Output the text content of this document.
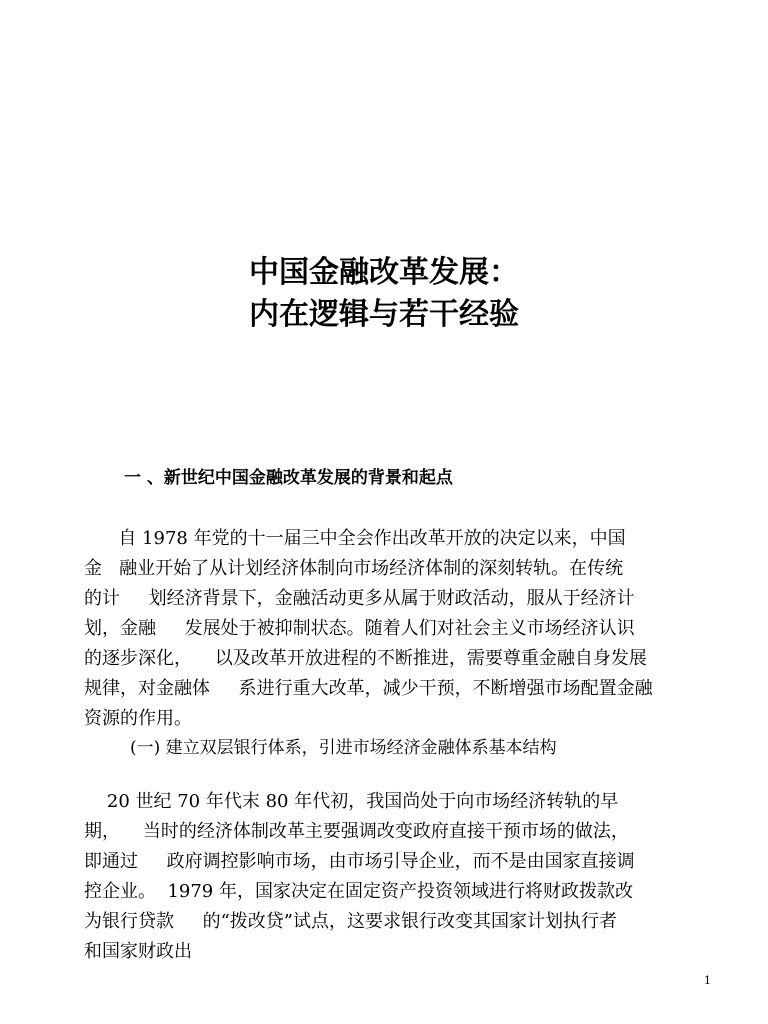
中国金融改革发展：
内在逻辑与若干经验
一 、新世纪中国金融改革发展的背景和起点
自 1978 年党的十一届三中全会作出改革开放的决定以来，中国
金   融业开始了从计划经济体制向市场经济体制的深刻转轨。在传统
的计     划经济背景下，金融活动更多从属于财政活动，服从于经济计
划，金融     发展处于被抑制状态。随着人们对社会主义市场经济认识
的逐步深化，    以及改革开放进程的不断推进，需要尊重金融自身发展
规律，对金融体     系进行重大改革，减少干预，不断增强市场配置金融
资源的作用。
(一) 建立双层银行体系，引进市场经济金融体系基本结构
20 世纪 70 年代末 80 年代初，我国尚处于向市场经济转轨的早
期，    当时的经济体制改革主要强调改变政府直接干预市场的做法，
即通过     政府调控影响市场，由市场引导企业，而不是由国家直接调
控企业。  1979 年，国家决定在固定资产投资领域进行将财政拨款改
为银行贷款     的“拨改贷”试点，这要求银行改变其国家计划执行者
和国家财政出
1
